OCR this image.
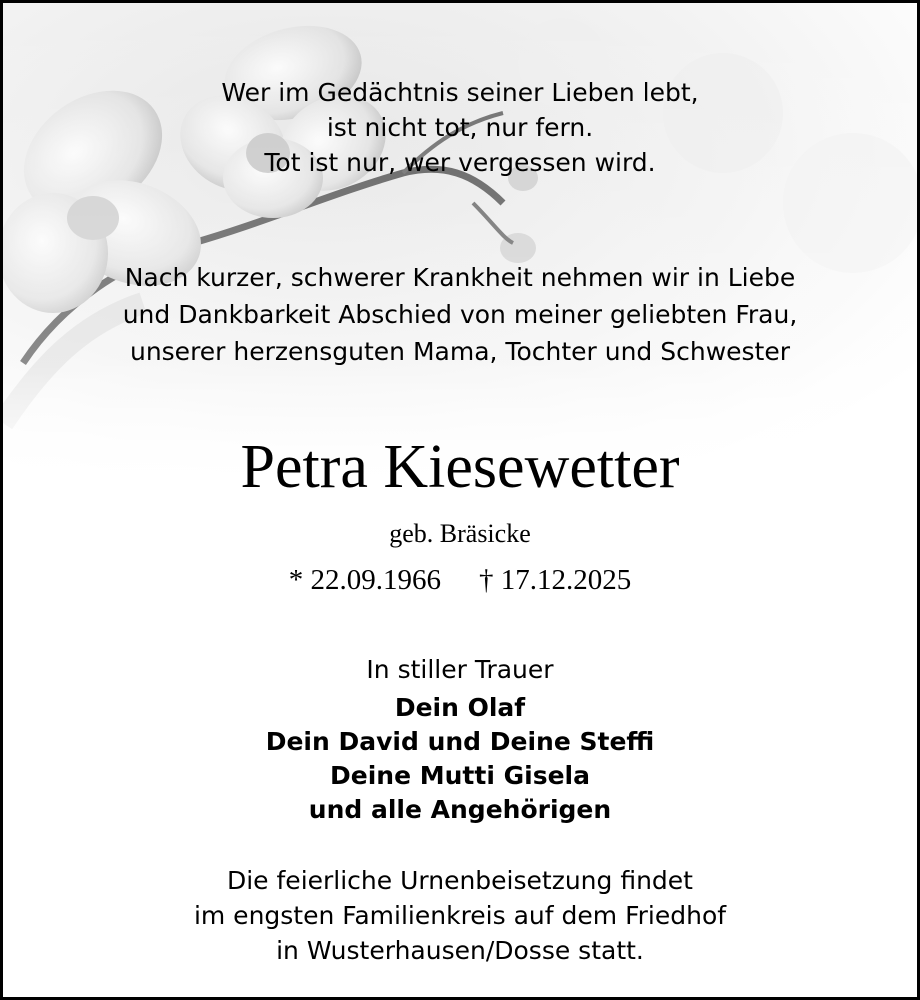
Wer im Gedächtnis seiner Lieben lebt,
ist nicht tot, nur fern.
Tot ist nur, wer vergessen wird.
Nach kurzer, schwerer Krankheit nehmen wir in Liebe
und Dankbarkeit Abschied von meiner geliebten Frau,
unserer herzensguten Mama, Tochter und Schwester
Petra Kiesewetter
geb. Bräsicke
* 22.09.1966 † 17.12.2025
In stiller Trauer
Dein Olaf
Dein David und Deine Steffi
Deine Mutti Gisela
und alle Angehörigen
Die feierliche Urnenbeisetzung findet
im engsten Familienkreis auf dem Friedhof
in Wusterhausen/Dosse statt.
